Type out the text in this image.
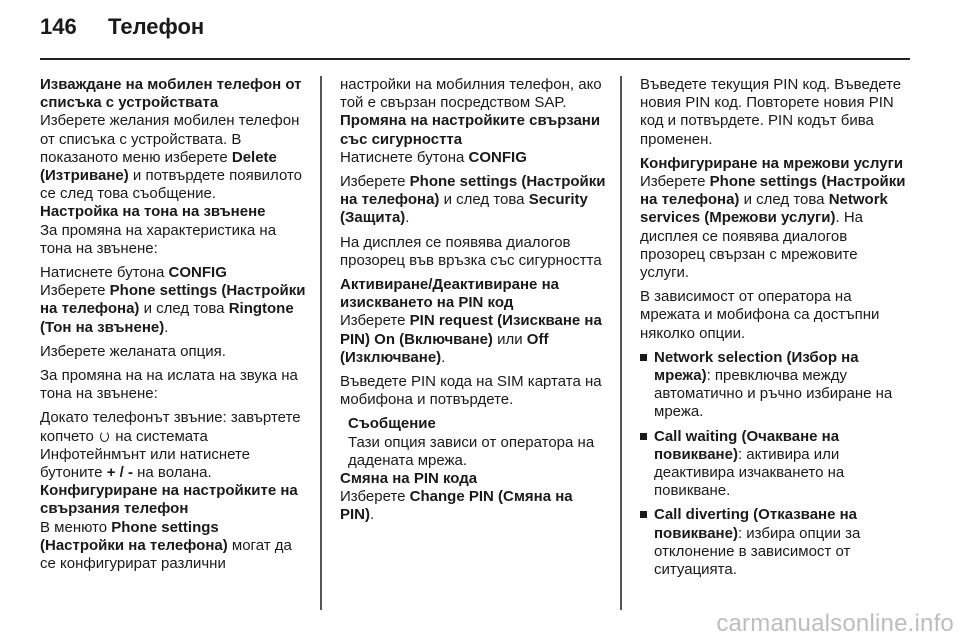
146	Телефон
Изваждане на мобилен телефон от списъка с устройствата
Изберете желания мобилен телефон от списъка с устройствата. В показаното меню изберете Delete (Изтриване) и потвърдете появилото се след това съобщение.
Настройка на тона на звънене
За промяна на характеристика на тона на звънене:
Натиснете бутона CONFIG
Изберете Phone settings (Настройки на телефона) и след това Ringtone (Тон на звънене).
Изберете желаната опция.
За промяна на на ислата на звука на тона на звънене:
Докато телефонът звъние: завъртете копчето  на системата Инфотейнмънт или натиснете бутоните + / - на волана.
Конфигуриране на настройките на свързания телефон
В менюто Phone settings (Настройки на телефона) могат да се конфигурират различни
настройки на мобилния телефон, ако той е свързан посредством SAP.
Промяна на настройките свързани със сигурността
Натиснете бутона CONFIG
Изберете Phone settings (Настройки на телефона) и след това Security (Защита).
На дисплея се появява диалогов прозорец във връзка със сигурността
Активиране/Деактивиране на изискването на PIN код
Изберете PIN request (Изискване на PIN) On (Включване) или Off (Изключване).
Въведете PIN кода на SIM картата на мобифона и потвърдете.
Съобщение
Тази опция зависи от оператора на дадената мрежа.
Смяна на PIN кода
Изберете Change PIN (Смяна на PIN).
Въведете текущия PIN код. Въведете новия PIN код. Повторете новия PIN код и потвърдете. PIN кодът бива променен.
Конфигуриране на мрежови услуги
Изберете Phone settings (Настройки на телефона) и след това Network services (Мрежови услуги). На дисплея се появява диалогов прозорец свързан с мрежовите услуги.
В зависимост от оператора на мрежата и мобифона са достъпни няколко опции.
Network selection (Избор на мрежа): превключва между автоматично и ръчно избиране на мрежа.
Call waiting (Очакване на повикване): активира или деактивира изчакването на повикване.
Call diverting (Отказване на повикване): избира опции за отклонение в зависимост от ситуацията.
carmanualsonline.info
